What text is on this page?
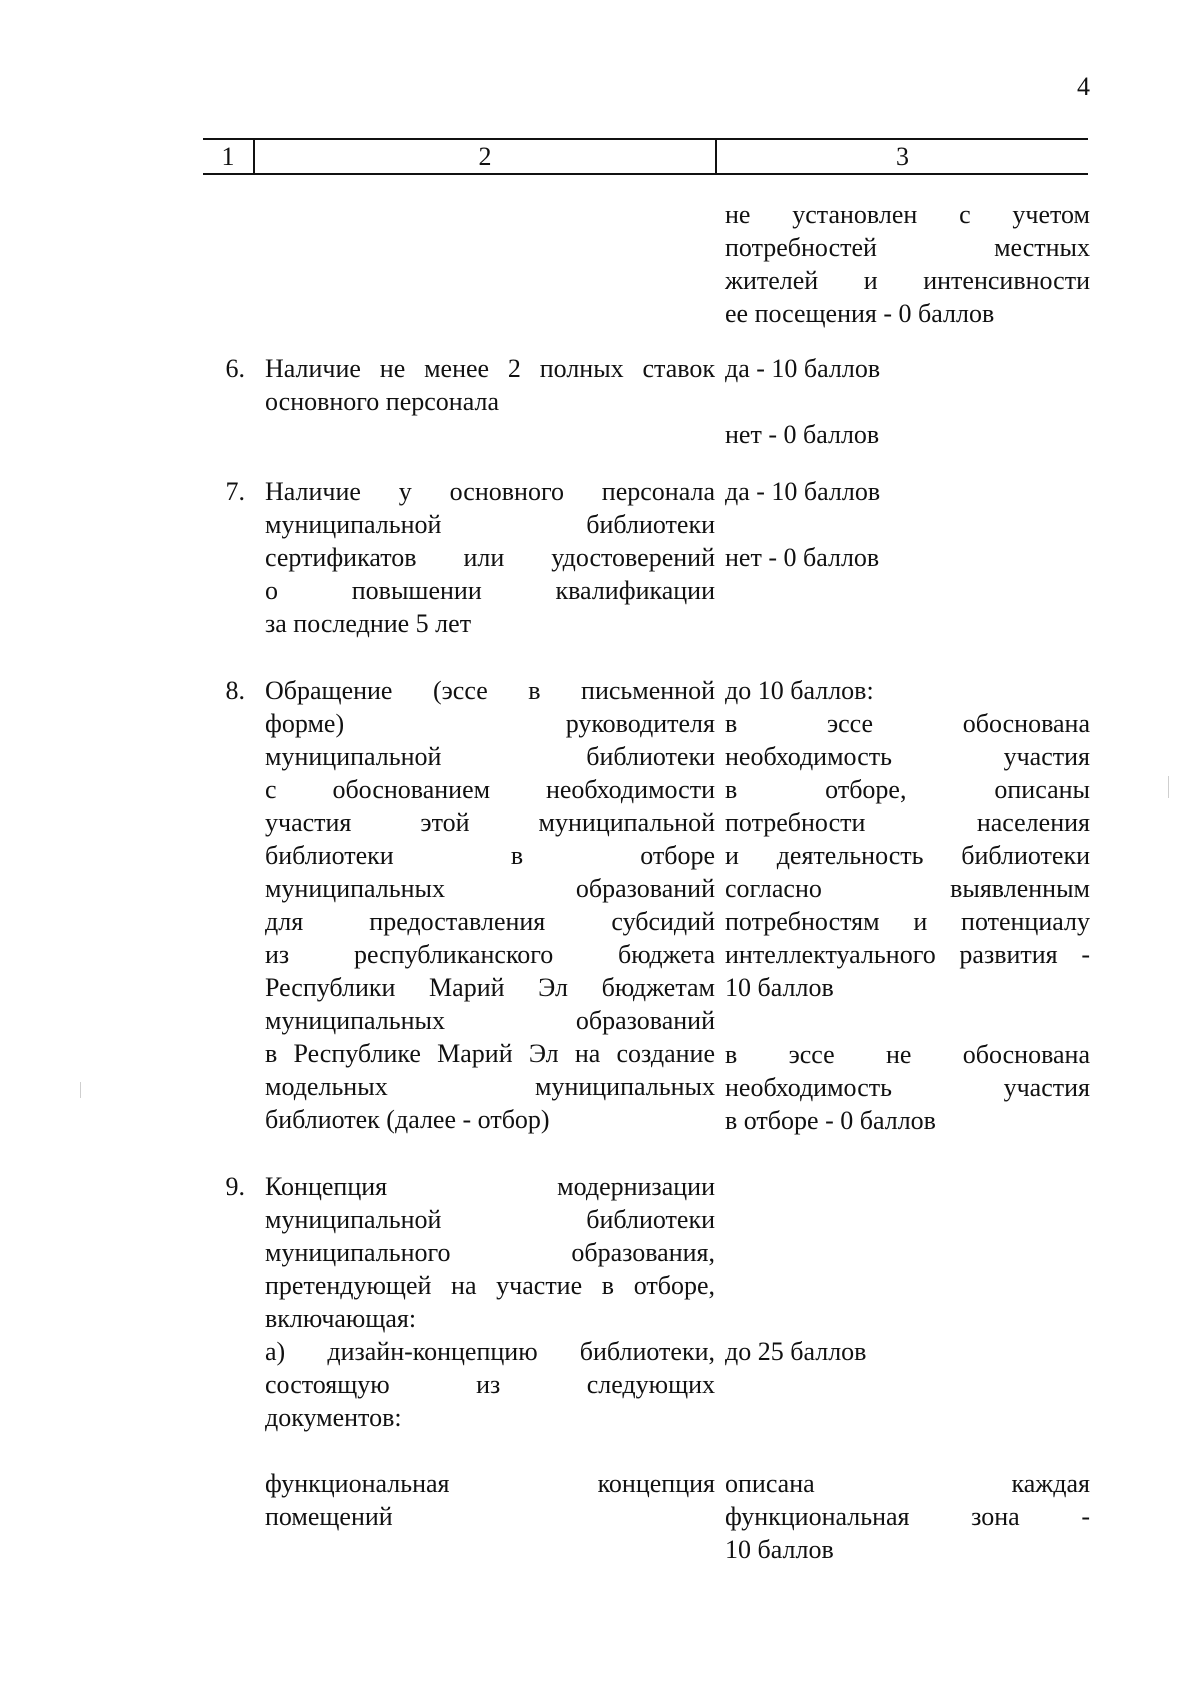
4
1	2	3
не установлен с учетом
потребностей местных
жителей и интенсивности
ее посещения - 0 баллов
6. Наличие не менее 2 полных ставок
основного персонала
да - 10 баллов
нет - 0 баллов
7. Наличие у основного персонала
муниципальной библиотеки
сертификатов или удостоверений
о повышении квалификации
за последние 5 лет
да - 10 баллов
нет - 0 баллов
8. Обращение (эссе в письменной
форме) руководителя
муниципальной библиотеки
с обоснованием необходимости
участия этой муниципальной
библиотеки в отборе
муниципальных образований
для предоставления субсидий
из республиканского бюджета
Республики Марий Эл бюджетам
муниципальных образований
в Республике Марий Эл на создание
модельных муниципальных
библиотек (далее - отбор)
до 10 баллов:
в эссе обоснована
необходимость участия
в отборе, описаны
потребности населения
и деятельность библиотеки
согласно выявленным
потребностям и потенциалу
интеллектуального развития -
10 баллов
в эссе не обоснована
необходимость участия
в отборе - 0 баллов
9. Концепция модернизации
муниципальной библиотеки
муниципального образования,
претендующей на участие в отборе,
включающая:
а) дизайн-концепцию библиотеки,
состоящую из следующих
документов:
до 25 баллов
функциональная концепция
помещений
описана каждая
функциональная зона -
10 баллов
